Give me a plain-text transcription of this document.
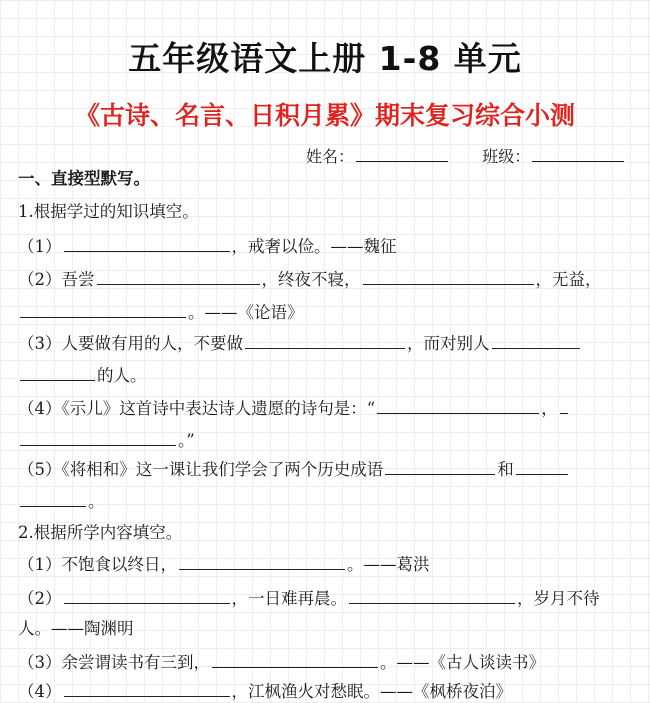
五年级语文上册 1-8 单元
《古诗、名言、日积月累》期末复习综合小测
姓名：	班级：
一、直接型默写。
1.根据学过的知识填空。
（1）	，戒奢以俭。——魏征
（2）吾尝	，终夜不寝，	，无益，
。——《论语》
（3）人要做有用的人，不要做	，而对别人
的人。
（4）《示儿》这首诗中表达诗人遗愿的诗句是：“	，
。”
（5）《将相和》这一课让我们学会了两个历史成语	和
。
2.根据所学内容填空。
（1）不饱食以终日，	。——葛洪
（2）	，一日难再晨。	，岁月不待
人。——陶渊明
（3）余尝谓读书有三到，	。——《古人谈读书》
（4）	，江枫渔火对愁眠。——《枫桥夜泊》
